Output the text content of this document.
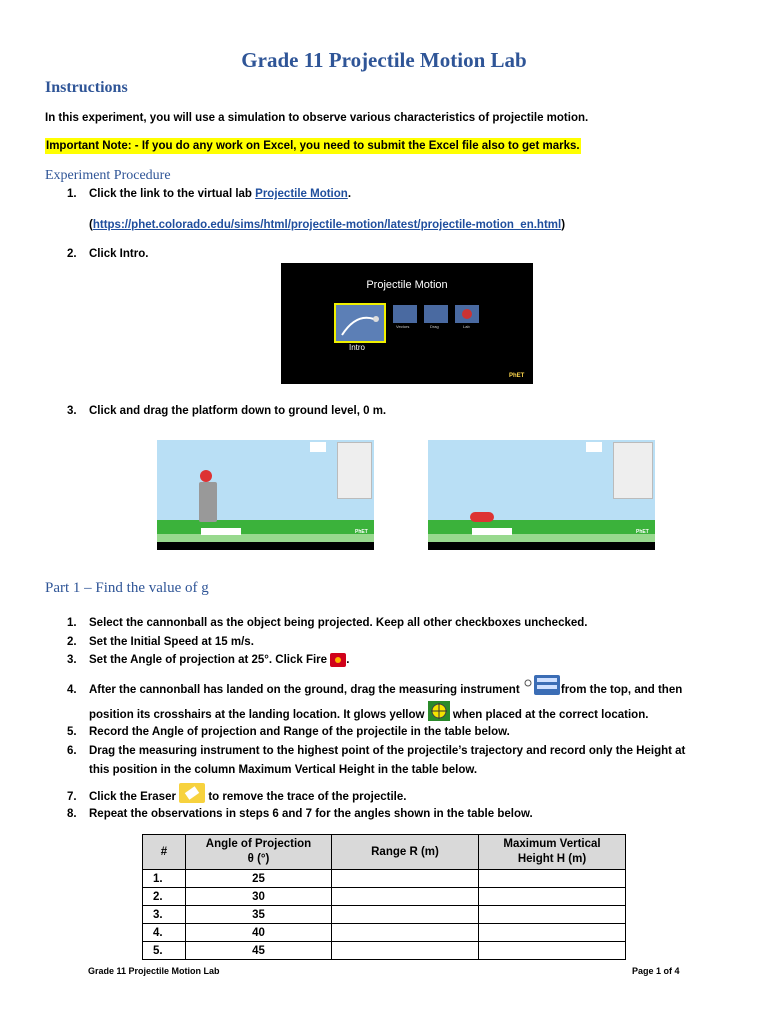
Grade 11 Projectile Motion Lab
Instructions
In this experiment, you will use a simulation to observe various characteristics of projectile motion.
Important Note: - If you do any work on Excel, you need to submit the Excel file also to get marks.
Experiment Procedure
1. Click the link to the virtual lab Projectile Motion.
(https://phet.colorado.edu/sims/html/projectile-motion/latest/projectile-motion_en.html)
2. Click Intro.
Projectile Motion
Intro
Vectors	Drag	Lab
PhET
3. Click and drag the platform down to ground level, 0 m.
PhET	PhET
Part 1 – Find the value of g
1. Select the cannonball as the object being projected. Keep all other checkboxes unchecked.
2. Set the Initial Speed at 15 m/s.
3. Set the Angle of projection at 25°. Click Fire .
4. After the cannonball has landed on the ground, drag the measuring instrument	from the top, and then
position its crosshairs at the landing location. It glows yellow  when placed at the correct location.
5. Record the Angle of projection and Range of the projectile in the table below.
6. Drag the measuring instrument to the highest point of the projectile’s trajectory and record only the Height at
this position in the column Maximum Vertical Height in the table below.
7. Click the Eraser  to remove the trace of the projectile.
8. Repeat the observations in steps 6 and 7 for the angles shown in the table below.
#	Angle of Projection θ (°)	Range R (m)	Maximum Vertical Height H (m)
1.	25		
2.	30		
3.	35		
4.	40		
5.	45		
Grade 11 Projectile Motion Lab	Page 1 of 4
